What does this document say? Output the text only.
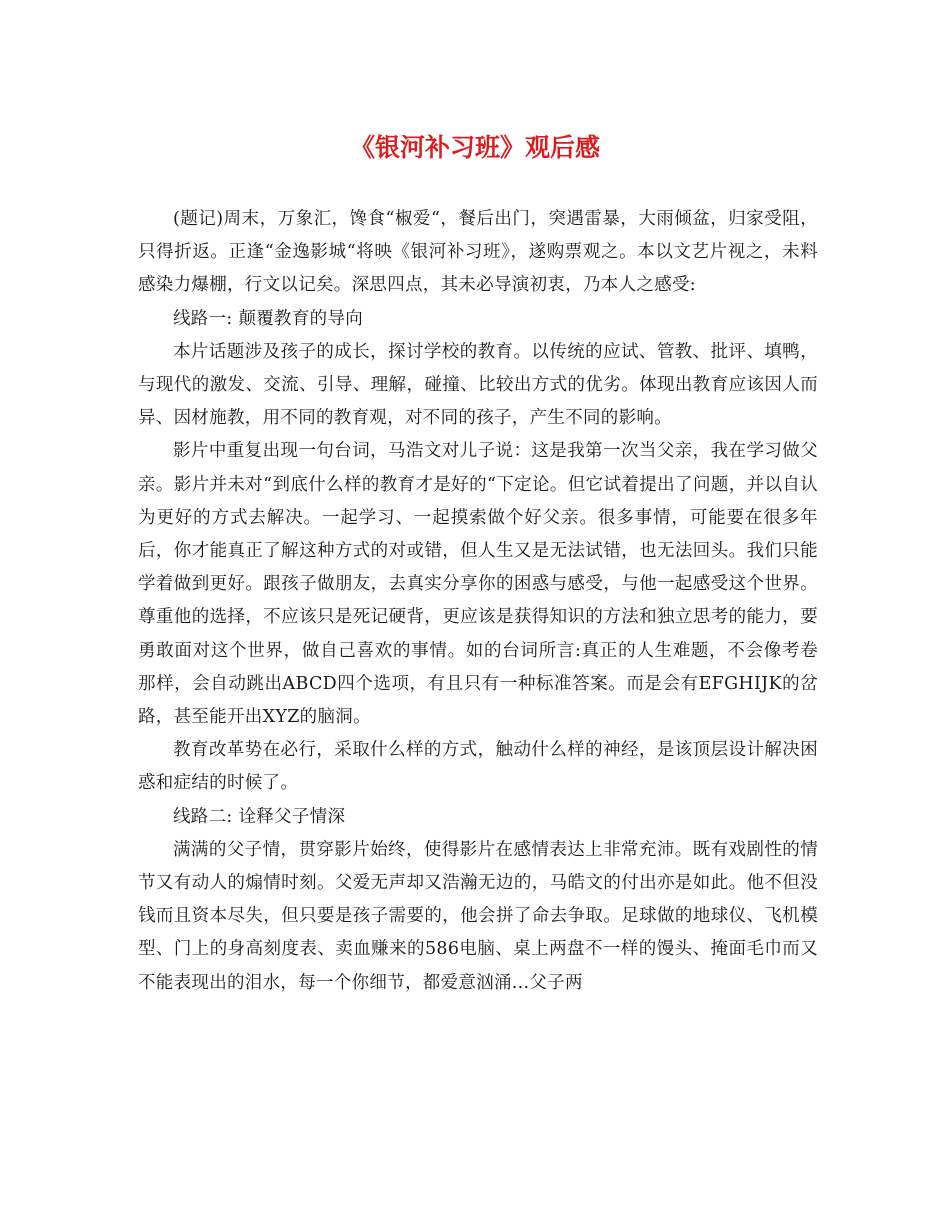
《银河补习班》观后感

(题记)周末，万象汇，馋食“椒爱“，餐后出门，突遇雷暴，大雨倾盆，归家受阻，只得折返。正逢“金逸影城“将映《银河补习班》，遂购票观之。本以文艺片视之，未料感染力爆棚，行文以记矣。深思四点，其未必导演初衷，乃本人之感受:

线路一: 颠覆教育的导向

本片话题涉及孩子的成长，探讨学校的教育。以传统的应试、管教、批评、填鸭，与现代的激发、交流、引导、理解，碰撞、比较出方式的优劣。体现出教育应该因人而异、因材施教，用不同的教育观，对不同的孩子，产生不同的影响。

影片中重复出现一句台词，马浩文对儿子说：这是我第一次当父亲，我在学习做父亲。影片并未对“到底什么样的教育才是好的“下定论。但它试着提出了问题，并以自认为更好的方式去解决。一起学习、一起摸索做个好父亲。很多事情，可能要在很多年后，你才能真正了解这种方式的对或错，但人生又是无法试错，也无法回头。我们只能学着做到更好。跟孩子做朋友，去真实分享你的困惑与感受，与他一起感受这个世界。尊重他的选择，不应该只是死记硬背，更应该是获得知识的方法和独立思考的能力，要勇敢面对这个世界，做自己喜欢的事情。如的台词所言:真正的人生难题，不会像考卷那样，会自动跳出ABCD四个选项，有且只有一种标准答案。而是会有EFGHIJK的岔路，甚至能开出XYZ的脑洞。

教育改革势在必行，采取什么样的方式，触动什么样的神经，是该顶层设计解决困惑和症结的时候了。

线路二: 诠释父子情深

满满的父子情，贯穿影片始终，使得影片在感情表达上非常充沛。既有戏剧性的情节又有动人的煽情时刻。父爱无声却又浩瀚无边的，马皓文的付出亦是如此。他不但没钱而且资本尽失，但只要是孩子需要的，他会拼了命去争取。足球做的地球仪、飞机模型、门上的身高刻度表、卖血赚来的586电脑、桌上两盘不一样的馒头、掩面毛巾而又不能表现出的泪水，每一个你细节，都爱意汹涌...父子两
